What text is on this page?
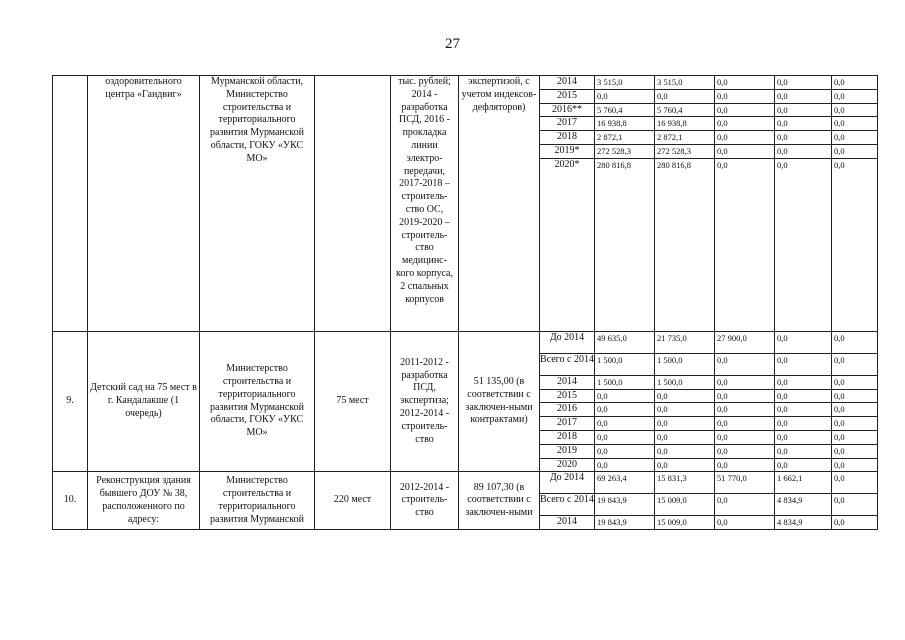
27
	оздоровительного центра «Гандвиг»	Мурманской области, Министерство строительства и территориального развития Мурманской области, ГОКУ «УКС МО»		тыс. рублей; 2014 - разработка ПСД, 2016 - прокладка линии электро-передачи, 2017-2018 – строитель-ство ОС, 2019-2020 – строитель-ство медицинс-кого корпуса, 2 спальных корпусов	экспертизой, с учетом индексов-дефляторов)	2014	3 515,0	3 515,0	0,0	0,0	0,0
						2015	0,0	0,0	0,0	0,0	0,0
						2016**	5 760,4	5 760,4	0,0	0,0	0,0
						2017	16 938,8	16 938,8	0,0	0,0	0,0
						2018	2 872,1	2 872,1	0,0	0,0	0,0
						2019*	272 528,3	272 528,3	0,0	0,0	0,0
						2020*	280 816,8	280 816,8	0,0	0,0	0,0
9.	Детский сад на 75 мест в г. Кандалакше (1 очередь)	Министерство строительства и территориального развития Мурманской области, ГОКУ «УКС МО»	75 мест	2011-2012 - разработка ПСД, экспертиза; 2012-2014 - строитель-ство	51 135,00 (в соответствии с заключен-ными контрактами)	До 2014	49 635,0	21 735,0	27 900,0	0,0	0,0
						Всего с 2014	1 500,0	1 500,0	0,0	0,0	0,0
						2014	1 500,0	1 500,0	0,0	0,0	0,0
						2015	0,0	0,0	0,0	0,0	0,0
						2016	0,0	0,0	0,0	0,0	0,0
						2017	0,0	0,0	0,0	0,0	0,0
						2018	0,0	0,0	0,0	0,0	0,0
						2019	0,0	0,0	0,0	0,0	0,0
						2020	0,0	0,0	0,0	0,0	0,0
10.	Реконструкция здания бывшего ДОУ № 38, расположенного по адресу:	Министерство строительства и территориального развития Мурманской	220 мест	2012-2014 - строитель-ство	89 107,30 (в соответствии с заключен-ными	До 2014	69 263,4	15 831,3	51 770,0	1 662,1	0,0
						Всего с 2014	19 843,9	15 009,0	0,0	4 834,9	0,0
						2014	19 843,9	15 009,0	0,0	4 834,9	0,0
